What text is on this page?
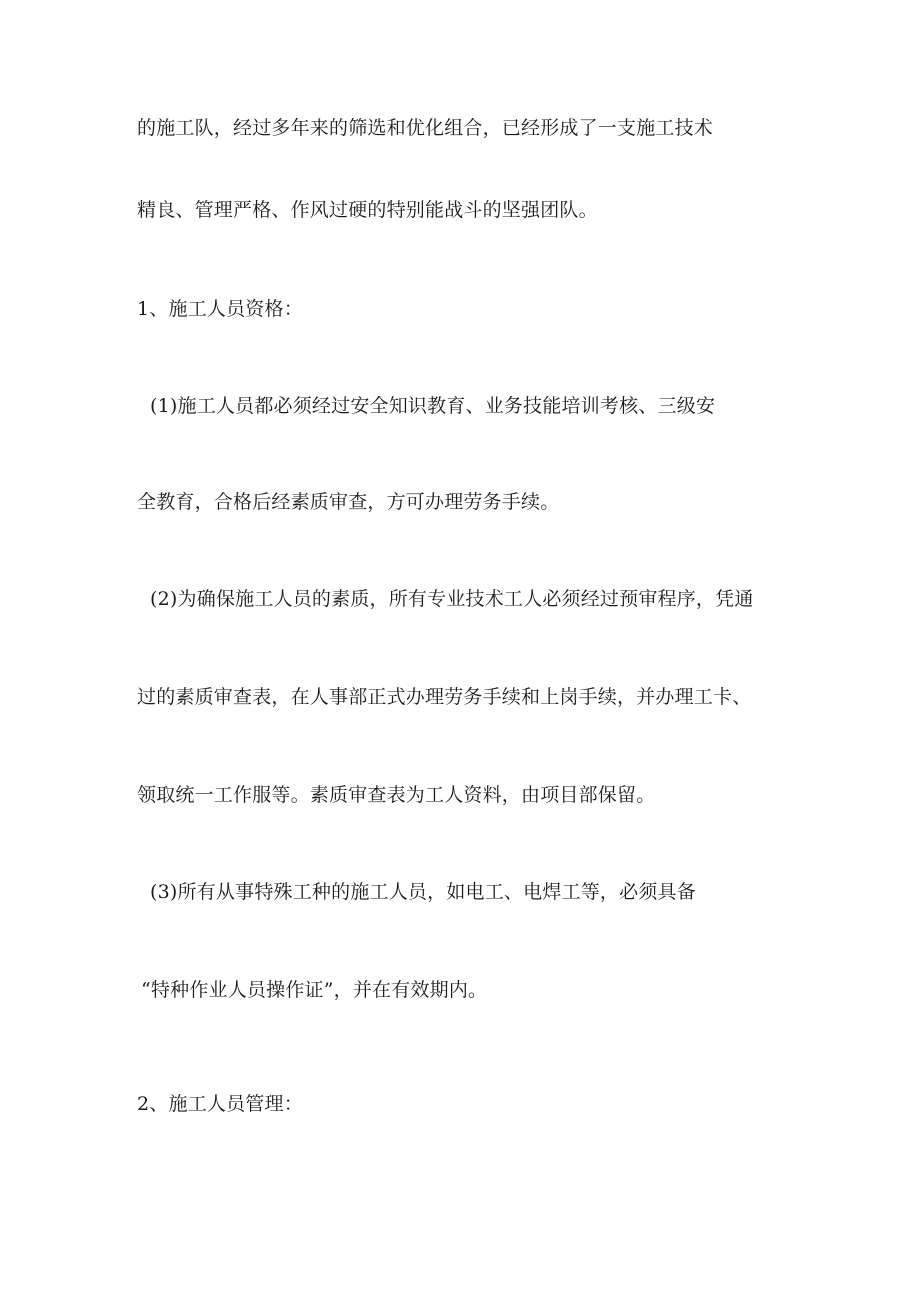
的施工队，经过多年来的筛选和优化组合，已经形成了一支施工技术
精良、管理严格、作风过硬的特别能战斗的坚强团队。
1、施工人员资格：
(1)施工人员都必须经过安全知识教育、业务技能培训考核、三级安
全教育，合格后经素质审查，方可办理劳务手续。
(2)为确保施工人员的素质，所有专业技术工人必须经过预审程序，凭通
过的素质审查表，在人事部正式办理劳务手续和上岗手续，并办理工卡、
领取统一工作服等。素质审查表为工人资料，由项目部保留。
(3)所有从事特殊工种的施工人员，如电工、电焊工等，必须具备
“特种作业人员操作证”，并在有效期内。
2、施工人员管理：
